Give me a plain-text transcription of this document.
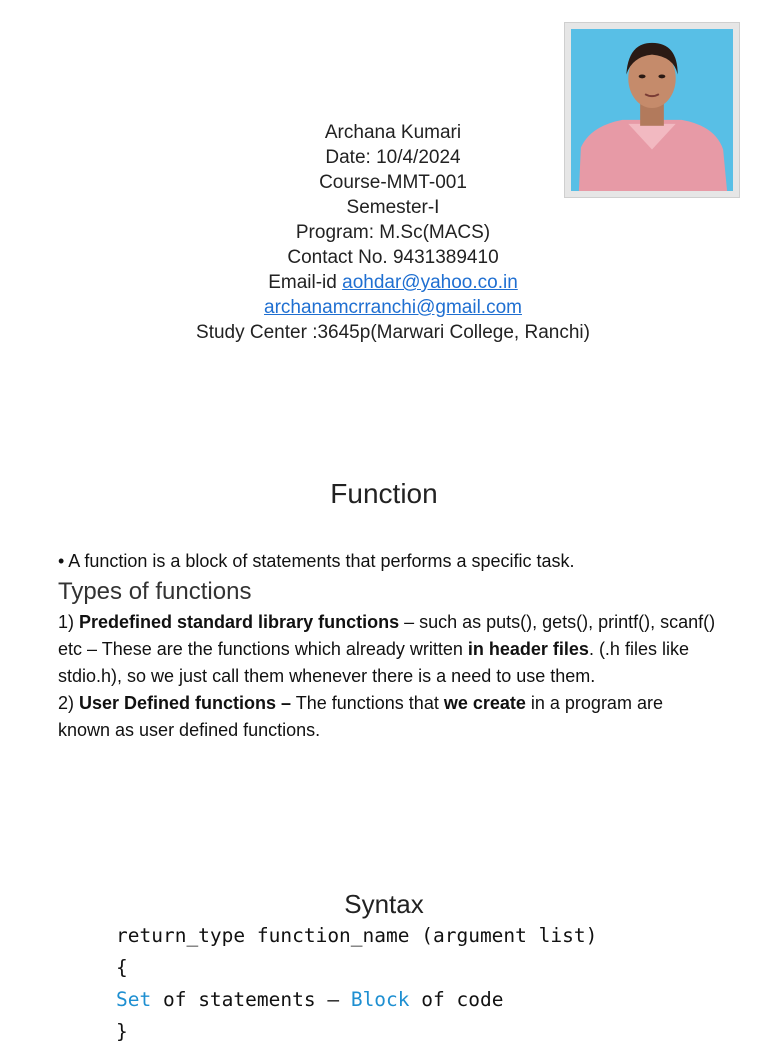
Archana Kumari
Date: 10/4/2024
Course-MMT-001
Semester-I
Program: M.Sc(MACS)
Contact No. 9431389410
Email-id aohdar@yahoo.co.in
archanamcrranchi@gmail.com
Study Center :3645p(Marwari College, Ranchi)
Function

• A function is a block of statements that performs a specific task.

Types of functions

1) Predefined standard library functions – such as puts(), gets(), printf(), scanf() etc – These are the functions which already written in header files. (.h files like stdio.h), so we just call them whenever there is a need to use them.

2) User Defined functions – The functions that we create in a program are known as user defined functions.

Syntax
return_type function_name (argument list)
{
Set of statements – Block of code
}
